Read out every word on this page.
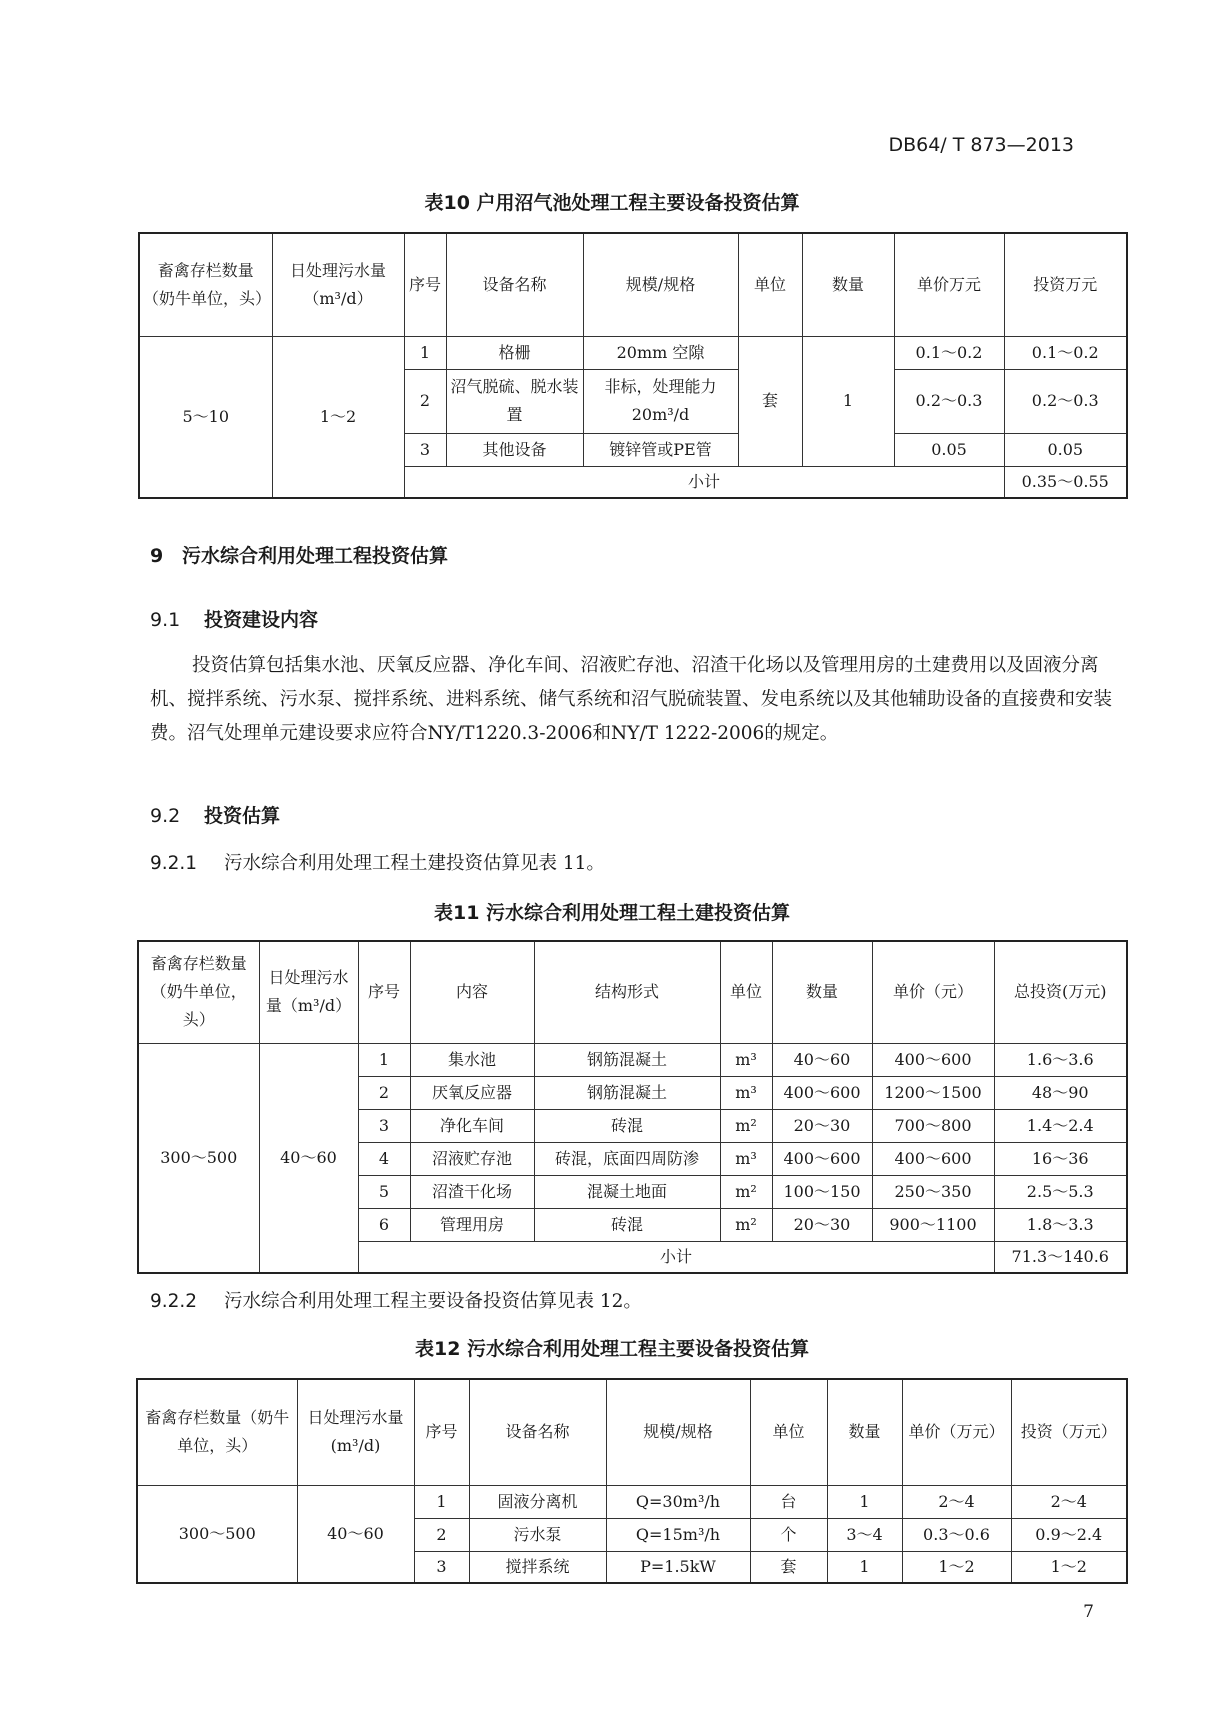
DB64/ T 873—2013
表10 户用沼气池处理工程主要设备投资估算
畜禽存栏数量（奶牛单位，头）	日处理污水量（m³/d）	序号	设备名称	规模/规格	单位	数量	单价万元	投资万元
5～10	1～2	1	格栅	20mm 空隙	套	1	0.1～0.2	0.1～0.2
		2	沼气脱硫、脱水装置	非标，处理能力20m³/d			0.2～0.3	0.2～0.3
		3	其他设备	镀锌管或PE管			0.05	0.05
		小计						0.35～0.55
9 污水综合利用处理工程投资估算
9.1 投资建设内容
投资估算包括集水池、厌氧反应器、净化车间、沼液贮存池、沼渣干化场以及管理用房的土建费用以及固液分离机、搅拌系统、污水泵、搅拌系统、进料系统、储气系统和沼气脱硫装置、发电系统以及其他辅助设备的直接费和安装费。沼气处理单元建设要求应符合NY/T1220.3-2006和NY/T 1222-2006的规定。
9.2 投资估算
9.2.1 污水综合利用处理工程土建投资估算见表 11。
表11 污水综合利用处理工程土建投资估算
畜禽存栏数量（奶牛单位，头）	日处理污水量（m³/d）	序号	内容	结构形式	单位	数量	单价（元）	总投资(万元)
300～500	40～60	1	集水池	钢筋混凝土	m³	40～60	400～600	1.6～3.6
		2	厌氧反应器	钢筋混凝土	m³	400～600	1200～1500	48～90
		3	净化车间	砖混	m²	20～30	700～800	1.4～2.4
		4	沼液贮存池	砖混，底面四周防渗	m³	400～600	400～600	16～36
		5	沼渣干化场	混凝土地面	m²	100～150	250～350	2.5～5.3
		6	管理用房	砖混	m²	20～30	900～1100	1.8～3.3
		小计						71.3～140.6
9.2.2 污水综合利用处理工程主要设备投资估算见表 12。
表12 污水综合利用处理工程主要设备投资估算
畜禽存栏数量（奶牛单位，头）	日处理污水量(m³/d)	序号	设备名称	规模/规格	单位	数量	单价（万元）	投资（万元）
300～500	40～60	1	固液分离机	Q=30m³/h	台	1	2～4	2～4
		2	污水泵	Q=15m³/h	个	3～4	0.3～0.6	0.9～2.4
		3	搅拌系统	P=1.5kW	套	1	1～2	1～2
7
